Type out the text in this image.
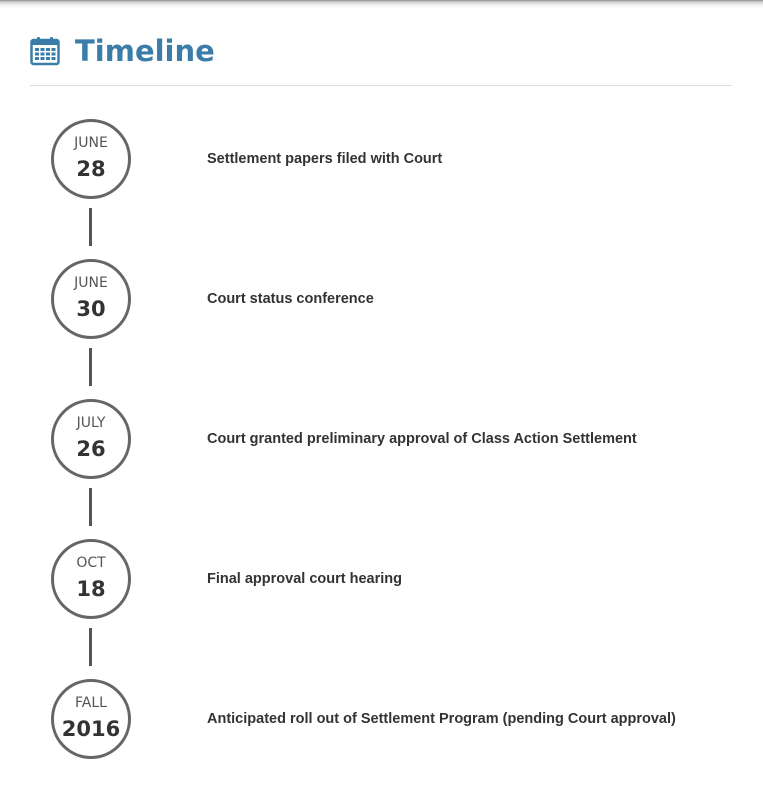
Timeline
JUNE
28	Settlement papers filed with Court
JUNE
30	Court status conference
JULY
26	Court granted preliminary approval of Class Action Settlement
OCT
18	Final approval court hearing
FALL
2016	Anticipated roll out of Settlement Program (pending Court approval)
